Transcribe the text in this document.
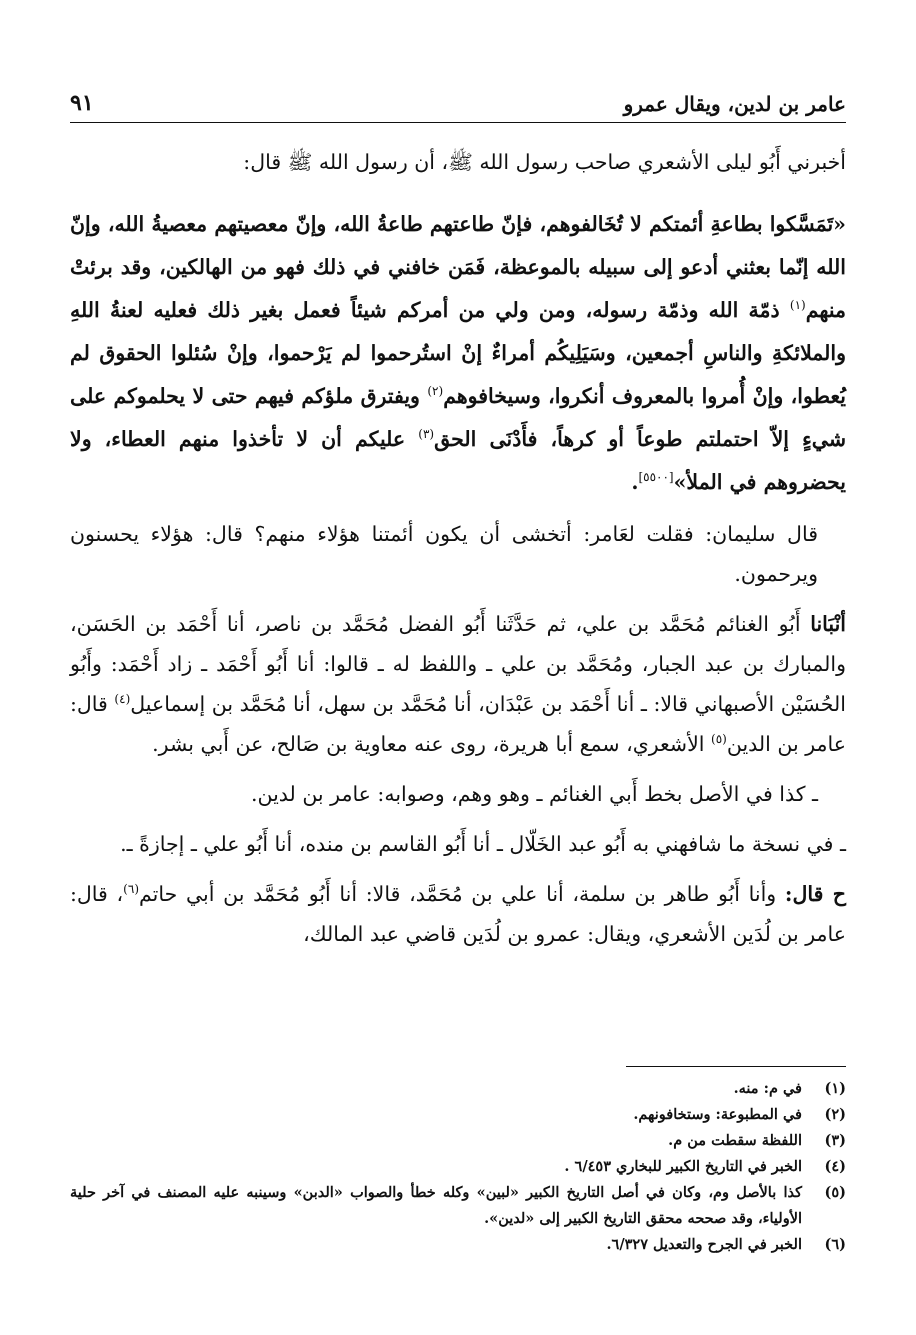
عامر بن لدين، ويقال عمرو
٩١

أخبرني أَبُو ليلى الأشعري صاحب رسول الله ﷺ، أن رسول الله ﷺ قال:

«تَمَسَّكوا بطاعةِ أئمتكم لا تُخَالفوهم، فإنّ طاعتهم طاعةُ الله، وإنّ معصيتهم معصيةُ الله، وإنّ الله إنّما بعثني أدعو إلى سبيله بالموعظة، فَمَن خافني في ذلك فهو من الهالكين، وقد برئتْ منهم$^{(١)}$ ذمّة الله وذمّة رسوله، ومن ولي من أمركم شيئاً فعمل بغير ذلك فعليه لعنةُ اللهِ والملائكةِ والناسِ أجمعين، وسَيَلِيكُم أمراءٌ إنْ استُرحموا لم يَرْحموا، وإنْ سُئلوا الحقوق لم يُعطوا، وإنْ أُمروا بالمعروف أنكروا، وسيخافوهم$^{(٢)}$ ويفترق ملؤكم فيهم حتى لا يحلموكم على شيءٍ إلاّ احتملتم طوعاً أو كرهاً، فأَدْنَى الحق$^{(٣)}$ عليكم أن لا تأخذوا منهم العطاء، ولا يحضروهم في الملأ»[٥٥٠٠].

قال سليمان: فقلت لعَامر: أتخشى أن يكون أئمتنا هؤلاء منهم؟ قال: هؤلاء يحسنون ويرحمون.

أنْبَانا أَبُو الغنائم مُحَمَّد بن علي، ثم حَدَّثَنا أَبُو الفضل مُحَمَّد بن ناصر، أنا أَحْمَد بن الحَسَن، والمبارك بن عبد الجبار، ومُحَمَّد بن علي ـ واللفظ له ـ قالوا: أنا أَبُو أَحْمَد ـ زاد أَحْمَد: وأَبُو الحُسَيْن الأصبهاني قالا: ـ أنا أَحْمَد بن عَبْدَان، أنا مُحَمَّد بن سهل، أنا مُحَمَّد بن إسماعيل$^{(٤)}$ قال: عامر بن الدين$^{(٥)}$ الأشعري، سمع أبا هريرة، روى عنه معاوية بن صَالح، عن أَبي بشر.

ـ كذا في الأصل بخط أَبي الغنائم ـ وهو وهم، وصوابه: عامر بن لدين.

ـ في نسخة ما شافهني به أَبُو عبد الخَلّال ـ أنا أَبُو القاسم بن منده، أنا أَبُو علي ـ إجازةً ـ.

ح قال: وأنا أَبُو طاهر بن سلمة، أنا علي بن مُحَمَّد، قالا: أنا أَبُو مُحَمَّد بن أبي حاتم$^{(٦)}$، قال: عامر بن لُدَين الأشعري، ويقال: عمرو بن لُدَين قاضي عبد المالك،

(١)
في م: منه.
(٢)
في المطبوعة: وستخافونهم.
(٣)
اللفظة سقطت من م.
(٤)
الخبر في التاريخ الكبير للبخاري ٦/٤٥٣ .
(٥)
كذا بالأصل وم، وكان في أصل التاريخ الكبير «لبين» وكله خطأ والصواب «الدبن» وسينبه عليه المصنف في آخر حلية الأولياء، وقد صححه محقق التاريخ الكبير إلى «لدين».
(٦)
الخبر في الجرح والتعديل ٦/٣٢٧.
